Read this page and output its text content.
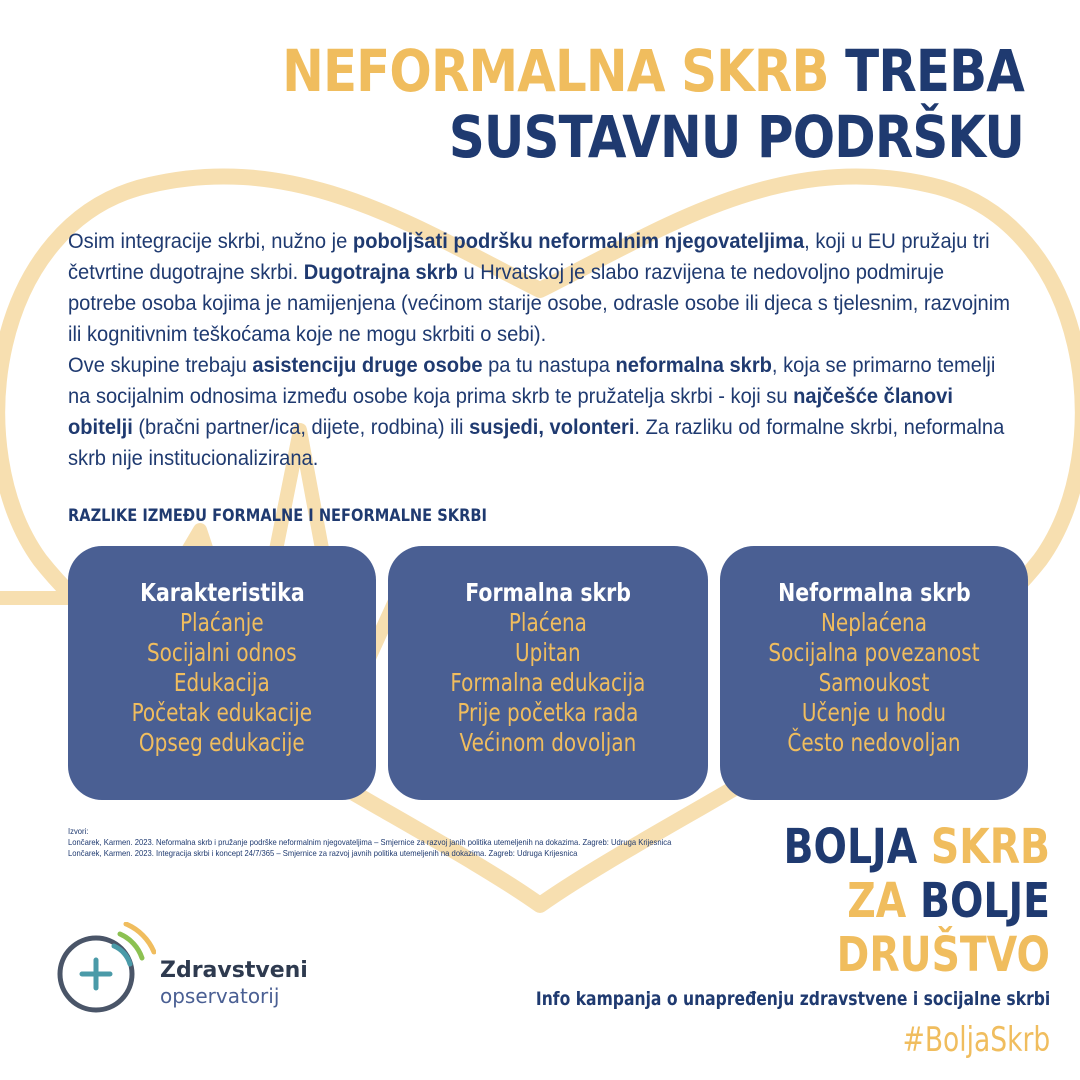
NEFORMALNA SKRB TREBA
SUSTAVNU PODRŠKU

Osim integracije skrbi, nužno je poboljšati podršku neformalnim njegovateljima, koji u EU pružaju tri četvrtine dugotrajne skrbi. Dugotrajna skrb u Hrvatskoj je slabo razvijena te nedovoljno podmiruje potrebe osoba kojima je namijenjena (većinom starije osobe, odrasle osobe ili djeca s tjelesnim, razvojnim ili kognitivnim teškoćama koje ne mogu skrbiti o sebi).

Ove skupine trebaju asistenciju druge osobe pa tu nastupa neformalna skrb, koja se primarno temelji na socijalnim odnosima između osobe koja prima skrb te pružatelja skrbi - koji su najčešće članovi obitelji (bračni partner/ica, dijete, rodbina) ili susjedi, volonteri. Za razliku od formalne skrbi, neformalna skrb nije institucionalizirana.

RAZLIKE IZMEĐU FORMALNE I NEFORMALNE SKRBI
Karakteristika
Plaćanje
Socijalni odnos
Edukacija
Početak edukacije
Opseg edukacije
Formalna skrb
Plaćena
Upitan
Formalna edukacija
Prije početka rada
Većinom dovoljan
Neformalna skrb
Neplaćena
Socijalna povezanost
Samoukost
Učenje u hodu
Često nedovoljan
Izvori:
Lončarek, Karmen. 2023. Neformalna skrb i pružanje podrške neformalnim njegovateljima – Smjernice za razvoj janih politika utemeljenih na dokazima. Zagreb: Udruga Krijesnica
Lončarek, Karmen. 2023. Integracija skrbi i koncept 24/7/365 – Smjernice za razvoj javnih politika utemeljenih na dokazima. Zagreb: Udruga Krijesnica	BOLJA SKRB
ZA BOLJE
DRUŠTVO
Info kampanja o unapređenju zdravstvene i socijalne skrbi
#BoljaSkrb
Zdravstveni
opservatorij
